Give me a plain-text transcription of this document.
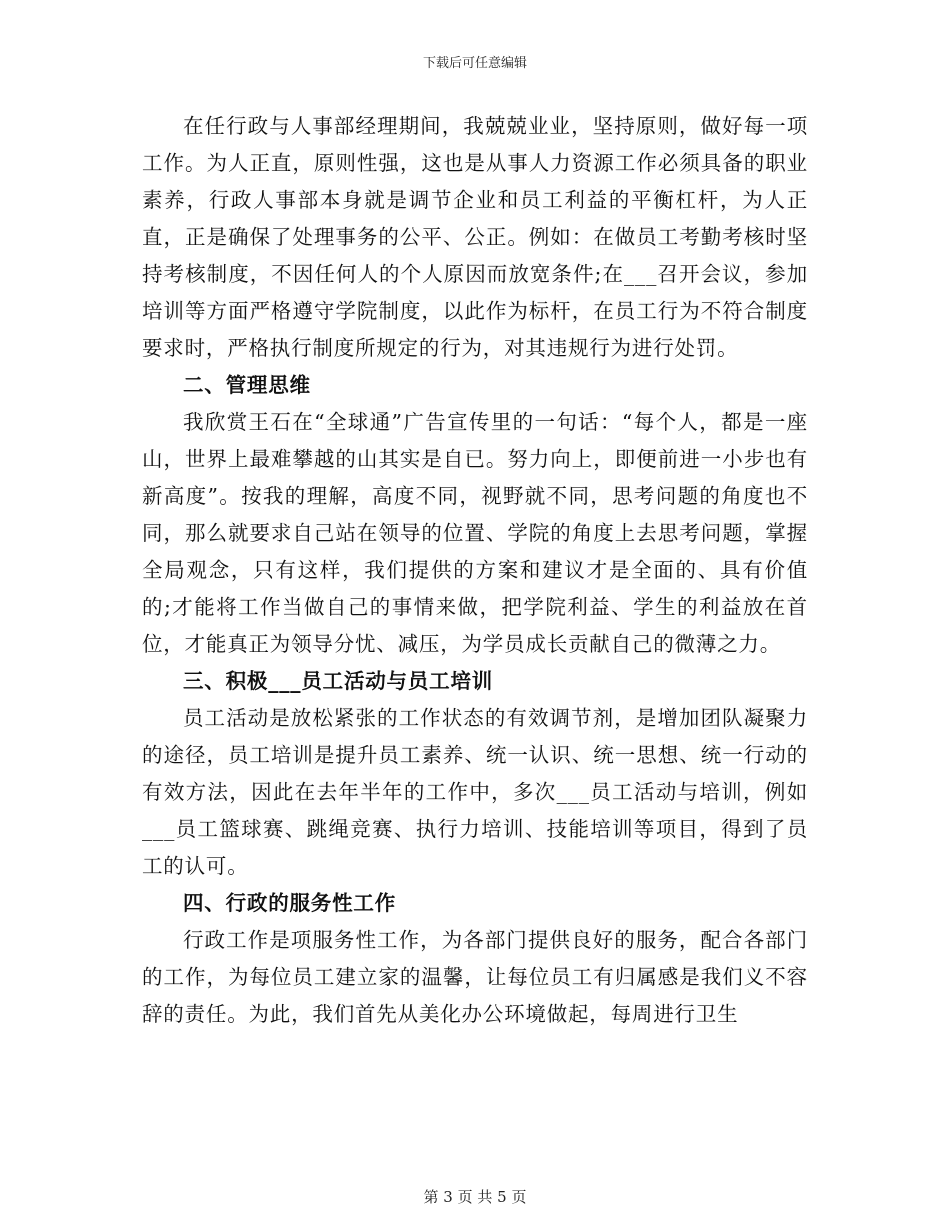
下载后可任意编辑

在任行政与人事部经理期间，我兢兢业业，坚持原则，做好每一项工作。为人正直，原则性强，这也是从事人力资源工作必须具备的职业素养，行政人事部本身就是调节企业和员工利益的平衡杠杆，为人正直，正是确保了处理事务的公平、公正。例如：在做员工考勤考核时坚持考核制度，不因任何人的个人原因而放宽条件;在___召开会议，参加培训等方面严格遵守学院制度，以此作为标杆，在员工行为不符合制度要求时，严格执行制度所规定的行为，对其违规行为进行处罚。

二、管理思维

我欣赏王石在“全球通”广告宣传里的一句话：“每个人，都是一座山，世界上最难攀越的山其实是自已。努力向上，即便前进一小步也有新高度”。按我的理解，高度不同，视野就不同，思考问题的角度也不同，那么就要求自己站在领导的位置、学院的角度上去思考问题，掌握全局观念，只有这样，我们提供的方案和建议才是全面的、具有价值的;才能将工作当做自己的事情来做，把学院利益、学生的利益放在首位，才能真正为领导分忧、减压，为学员成长贡献自己的微薄之力。

三、积极___员工活动与员工培训

员工活动是放松紧张的工作状态的有效调节剂，是增加团队凝聚力的途径，员工培训是提升员工素养、统一认识、统一思想、统一行动的有效方法，因此在去年半年的工作中，多次___员工活动与培训，例如___员工篮球赛、跳绳竞赛、执行力培训、技能培训等项目，得到了员工的认可。

四、行政的服务性工作

行政工作是项服务性工作，为各部门提供良好的服务，配合各部门的工作，为每位员工建立家的温馨，让每位员工有归属感是我们义不容辞的责任。为此，我们首先从美化办公环境做起，每周进行卫生

第 3 页 共 5 页
